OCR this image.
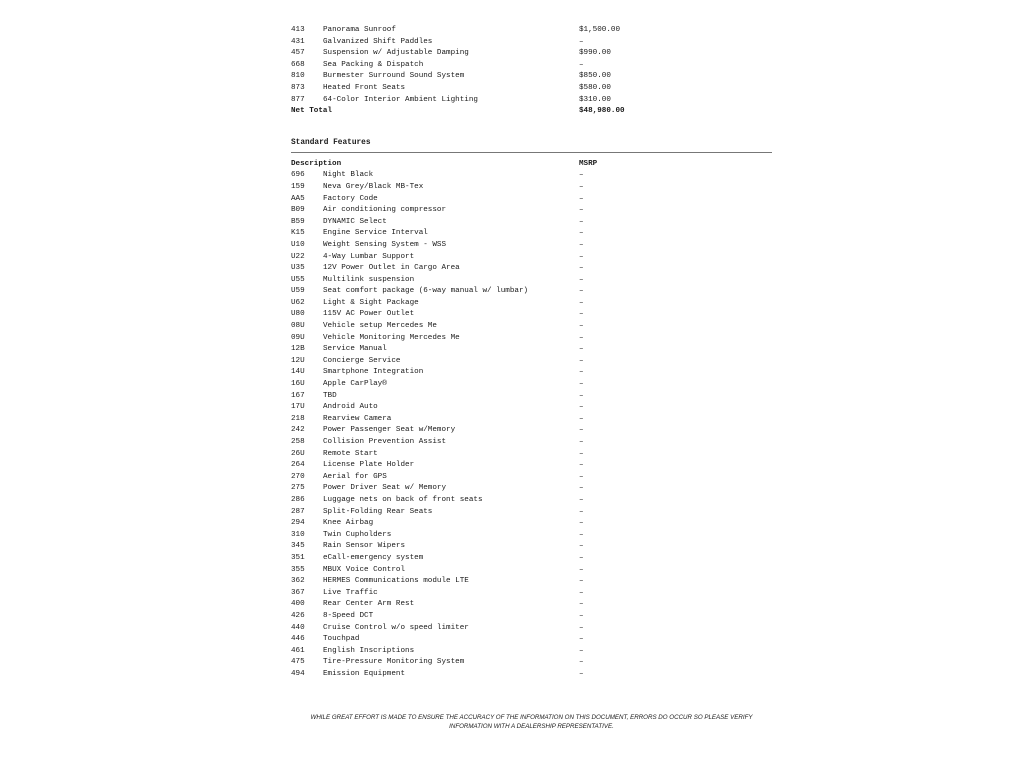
413	Panorama Sunroof	$1,500.00
431	Galvanized Shift Paddles	–
457	Suspension w/ Adjustable Damping	$990.00
668	Sea Packing & Dispatch	–
810	Burmester Surround Sound System	$850.00
873	Heated Front Seats	$580.00
877	64-Color Interior Ambient Lighting	$310.00
Net Total	$48,980.00
Standard Features
Description	MSRP
696	Night Black	–
159	Neva Grey/Black MB-Tex	–
AA5	Factory Code	–
B09	Air conditioning compressor	–
B59	DYNAMIC Select	–
K15	Engine Service Interval	–
U10	Weight Sensing System - WSS	–
U22	4-Way Lumbar Support	–
U35	12V Power Outlet in Cargo Area	–
U55	Multilink suspension	–
U59	Seat comfort package (6-way manual w/ lumbar)	–
U62	Light & Sight Package	–
U80	115V AC Power Outlet	–
08U	Vehicle setup Mercedes Me	–
09U	Vehicle Monitoring Mercedes Me	–
12B	Service Manual	–
12U	Concierge Service	–
14U	Smartphone Integration	–
16U	Apple CarPlay®	–
167	TBD	–
17U	Android Auto	–
218	Rearview Camera	–
242	Power Passenger Seat w/Memory	–
258	Collision Prevention Assist	–
26U	Remote Start	–
264	License Plate Holder	–
270	Aerial for GPS	–
275	Power Driver Seat w/ Memory	–
286	Luggage nets on back of front seats	–
287	Split-Folding Rear Seats	–
294	Knee Airbag	–
310	Twin Cupholders	–
345	Rain Sensor Wipers	–
351	eCall-emergency system	–
355	MBUX Voice Control	–
362	HERMES Communications module LTE	–
367	Live Traffic	–
400	Rear Center Arm Rest	–
426	8-Speed DCT	–
440	Cruise Control w/o speed limiter	–
446	Touchpad	–
461	English Inscriptions	–
475	Tire-Pressure Monitoring System	–
494	Emission Equipment	–
WHILE GREAT EFFORT IS MADE TO ENSURE THE ACCURACY OF THE INFORMATION ON THIS DOCUMENT, ERRORS DO OCCUR SO PLEASE VERIFY INFORMATION WITH A DEALERSHIP REPRESENTATIVE.
